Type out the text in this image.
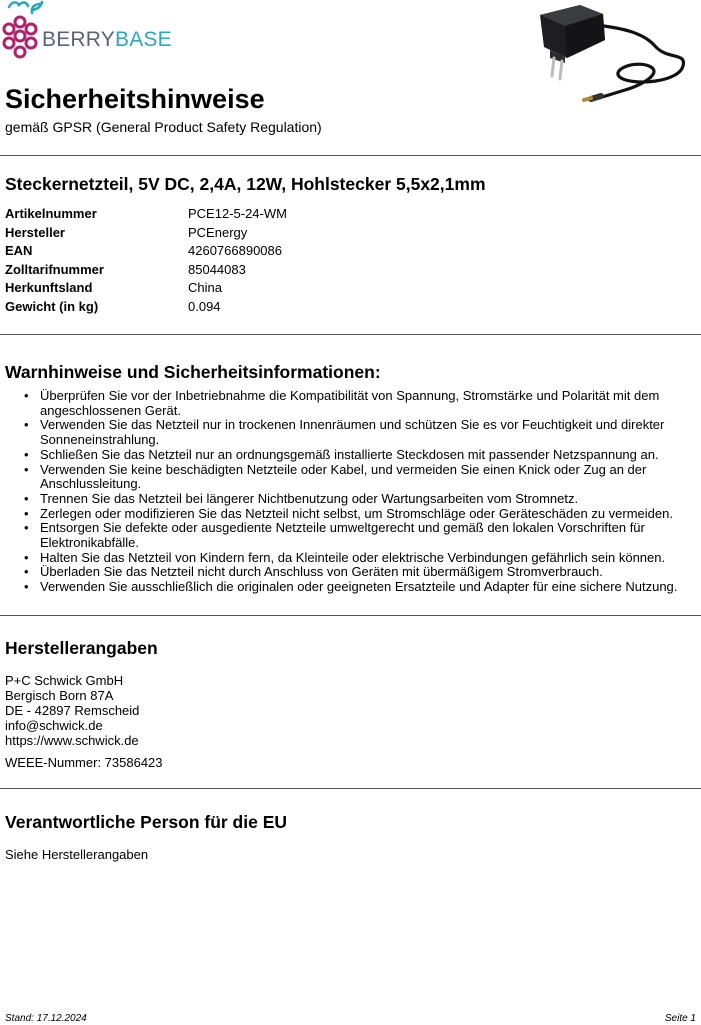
BERRYBASE
Sicherheitshinweise
gemäß GPSR (General Product Safety Regulation)
Steckernetzteil, 5V DC, 2,4A, 12W, Hohlstecker 5,5x2,1mm
Artikelnummer	PCE12-5-24-WM
Hersteller	PCEnergy
EAN	4260766890086
Zolltarifnummer	85044083
Herkunftsland	China
Gewicht (in kg)	0.094
Warnhinweise und Sicherheitsinformationen:
• Überprüfen Sie vor der Inbetriebnahme die Kompatibilität von Spannung, Stromstärke und Polarität mit dem angeschlossenen Gerät.
• Verwenden Sie das Netzteil nur in trockenen Innenräumen und schützen Sie es vor Feuchtigkeit und direkter Sonneneinstrahlung.
• Schließen Sie das Netzteil nur an ordnungsgemäß installierte Steckdosen mit passender Netzspannung an.
• Verwenden Sie keine beschädigten Netzteile oder Kabel, und vermeiden Sie einen Knick oder Zug an der Anschlussleitung.
• Trennen Sie das Netzteil bei längerer Nichtbenutzung oder Wartungsarbeiten vom Stromnetz.
• Zerlegen oder modifizieren Sie das Netzteil nicht selbst, um Stromschläge oder Geräteschäden zu vermeiden.
• Entsorgen Sie defekte oder ausgediente Netzteile umweltgerecht und gemäß den lokalen Vorschriften für Elektronikabfälle.
• Halten Sie das Netzteil von Kindern fern, da Kleinteile oder elektrische Verbindungen gefährlich sein können.
• Überladen Sie das Netzteil nicht durch Anschluss von Geräten mit übermäßigem Stromverbrauch.
• Verwenden Sie ausschließlich die originalen oder geeigneten Ersatzteile und Adapter für eine sichere Nutzung.
Herstellerangaben
P+C Schwick GmbH
Bergisch Born 87A
DE - 42897 Remscheid
info@schwick.de
https://www.schwick.de
WEEE-Nummer: 73586423
Verantwortliche Person für die EU
Siehe Herstellerangaben
Stand: 17.12.2024	Seite 1
